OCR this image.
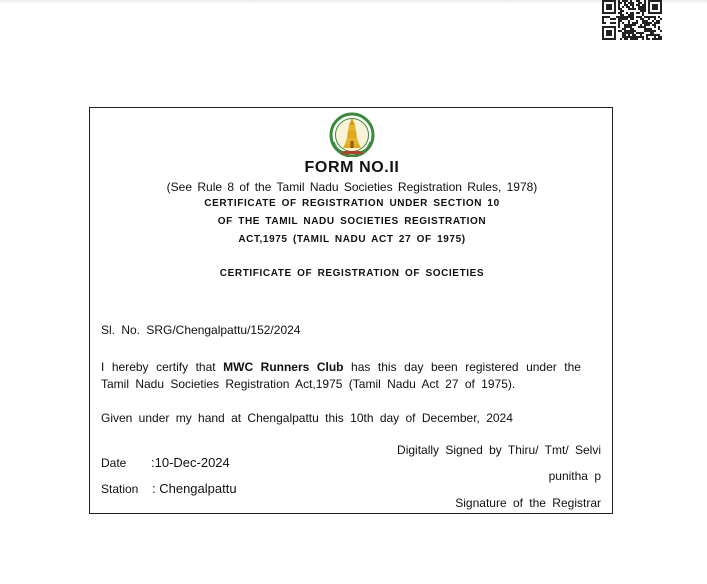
FORM NO.II
(See Rule 8 of the Tamil Nadu Societies Registration Rules, 1978)
CERTIFICATE OF REGISTRATION UNDER SECTION 10
OF THE TAMIL NADU SOCIETIES REGISTRATION
ACT,1975 (TAMIL NADU ACT 27 OF 1975)
CERTIFICATE OF REGISTRATION OF SOCIETIES
Sl. No. SRG/Chengalpattu/152/2024
I hereby certify that MWC Runners Club has this day been registered under the Tamil Nadu Societies Registration Act,1975 (Tamil Nadu Act 27 of 1975).
Given under my hand at Chengalpattu this 10th day of December, 2024
Digitally Signed by Thiru/ Tmt/ Selvi
Date :10-Dec-2024
punitha p
Station : Chengalpattu
Signature of the Registrar
